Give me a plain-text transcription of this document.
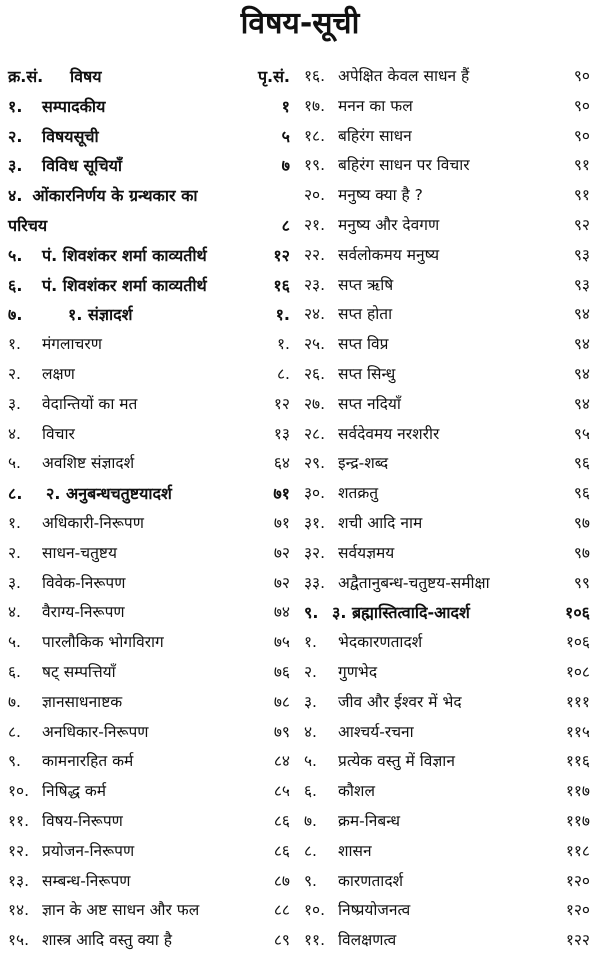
विषय-सूची
क्र.सं. विषय	पृ.सं.
१. सम्पादकीय	१
२. विषयसूची	५
३. विविध सूचियाँ	७
४. ओंकारनिर्णय के ग्रन्थकार का
परिचय	८
५. पं. शिवशंकर शर्मा काव्यतीर्थ	१२
६. पं. शिवशंकर शर्मा काव्यतीर्थ	१६
७.	१. संज्ञादर्श	१.
१. मंगलाचरण	१.
२. लक्षण	८.
३. वेदान्तियों का मत	१२
४. विचार	१३
५. अवशिष्ट संज्ञादर्श	६४
८. २. अनुबन्धचतुष्टयादर्श	७१
१. अधिकारी-निरूपण	७१
२. साधन-चतुष्टय	७२
३. विवेक-निरूपण	७२
४. वैराग्य-निरूपण	७४
५. पारलौकिक भोगविराग	७५
६. षट् सम्पत्तियाँ	७६
७. ज्ञानसाधनाष्टक	७८
८. अनधिकार-निरूपण	७९
९. कामनारहित कर्म	८४
१०. निषिद्ध कर्म	८५
११. विषय-निरूपण	८६
१२. प्रयोजन-निरूपण	८६
१३. सम्बन्ध-निरूपण	८७
१४. ज्ञान के अष्ट साधन और फल	८८
१५. शास्त्र आदि वस्तु क्या है	८९
१६. अपेक्षित केवल साधन हैं	९०
१७. मनन का फल	९०
१८. बहिरंग साधन	९०
१९. बहिरंग साधन पर विचार	९१
२०. मनुष्य क्या है ?	९१
२१. मनुष्य और देवगण	९२
२२. सर्वलोकमय मनुष्य	९३
२३. सप्त ऋषि	९३
२४. सप्त होता	९४
२५. सप्त विप्र	९४
२६. सप्त सिन्धु	९४
२७. सप्त नदियाँ	९४
२८. सर्वदेवमय नरशरीर	९५
२९. इन्द्र-शब्द	९६
३०. शतक्रतु	९६
३१. शची आदि नाम	९७
३२. सर्वयज्ञमय	९७
३३. अद्वैतानुबन्ध-चतुष्टय-समीक्षा	९९
९. ३. ब्रह्मास्तित्वादि-आदर्श	१०६
१. भेदकारणतादर्श	१०६
२. गुणभेद	१०८
३. जीव और ईश्वर में भेद	१११
४. आश्चर्य-रचना	११५
५. प्रत्येक वस्तु में विज्ञान	११६
६. कौशल	११७
७. क्रम-निबन्ध	११७
८. शासन	११८
९. कारणतादर्श	१२०
१०. निष्प्रयोजनत्व	१२०
११. विलक्षणत्व	१२२
